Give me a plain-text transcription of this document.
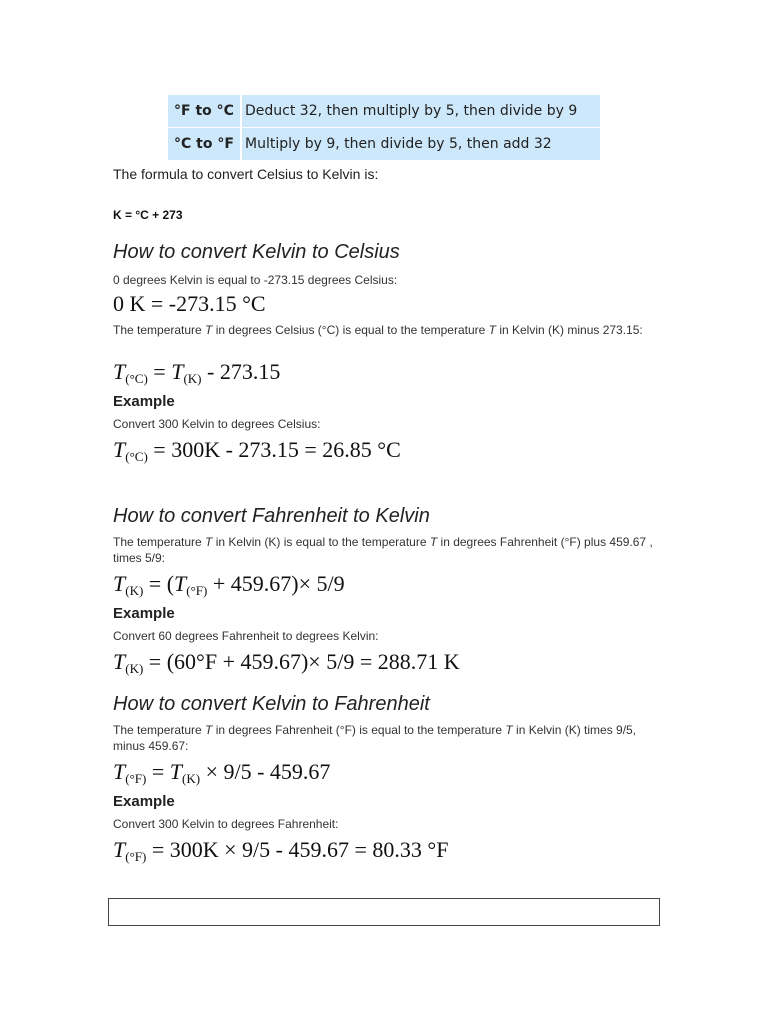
°F to °C Deduct 32, then multiply by 5, then divide by 9
°C to °F Multiply by 9, then divide by 5, then add 32
The formula to convert Celsius to Kelvin is:
K = °C + 273
How to convert Kelvin to Celsius
0 degrees Kelvin is equal to -273.15 degrees Celsius:
0 K = -273.15 °C
The temperature T in degrees Celsius (°C) is equal to the temperature T in Kelvin (K) minus 273.15:
$T_{(^\circ C)} = T_{(K)} - 273.15$
Example
Convert 300 Kelvin to degrees Celsius:
$T_{(^\circ C)} = 300K - 273.15 = 26.85$ °C
How to convert Fahrenheit to Kelvin
The temperature T in Kelvin (K) is equal to the temperature T in degrees Fahrenheit (°F) plus 459.67 , times 5/9:
$T_{(K)} = (T_{(^\circ F)} + 459.67)\times 5/9$
Example
Convert 60 degrees Fahrenheit to degrees Kelvin:
$T_{(K)} = (60^\circ F + 459.67)\times 5/9 = 288.71$ K
How to convert Kelvin to Fahrenheit
The temperature T in degrees Fahrenheit (°F) is equal to the temperature T in Kelvin (K) times 9/5, minus 459.67:
$T_{(^\circ F)} = T_{(K)} \times 9/5 - 459.67$
Example
Convert 300 Kelvin to degrees Fahrenheit:
$T_{(^\circ F)} = 300K \times 9/5 - 459.67 = 80.33$ °F
